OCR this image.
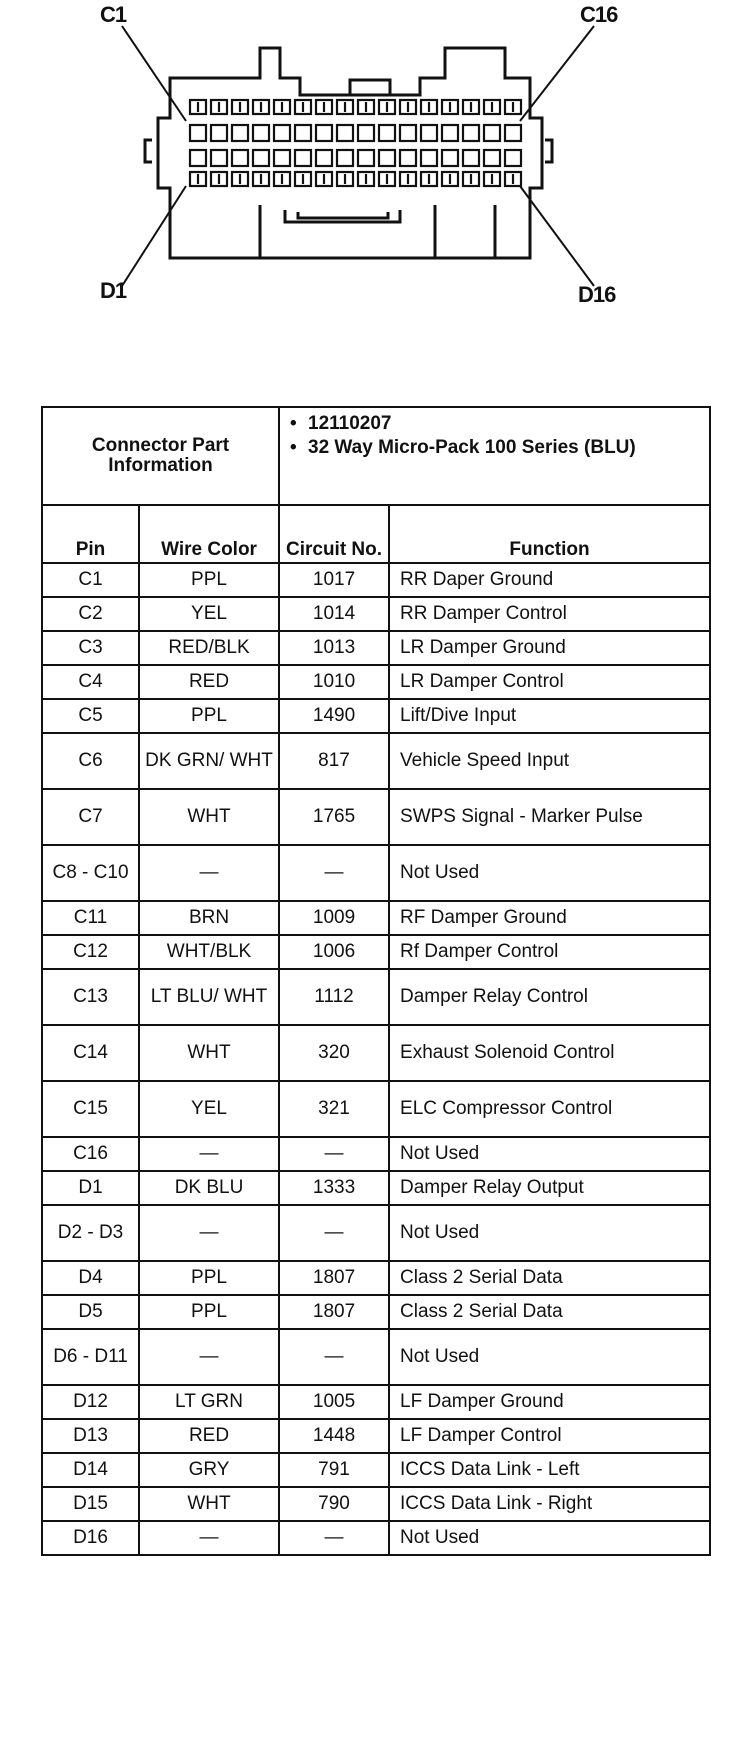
C1	C16
D1	D16
Connector Part Information		• 12110207
• 32 Way Micro-Pack 100 Series (BLU)

Pin	Wire Color	Circuit No.	Function
C1	PPL	1017	RR Daper Ground
C2	YEL	1014	RR Damper Control
C3	RED/BLK	1013	LR Damper Ground
C4	RED	1010	LR Damper Control
C5	PPL	1490	Lift/Dive Input
C6	DK GRN/ WHT	817	Vehicle Speed Input
C7	WHT	1765	SWPS Signal - Marker Pulse
C8 - C10	—	—	Not Used
C11	BRN	1009	RF Damper Ground
C12	WHT/BLK	1006	Rf Damper Control
C13	LT BLU/ WHT	1112	Damper Relay Control
C14	WHT	320	Exhaust Solenoid Control
C15	YEL	321	ELC Compressor Control
C16	—	—	Not Used
D1	DK BLU	1333	Damper Relay Output
D2 - D3	—	—	Not Used
D4	PPL	1807	Class 2 Serial Data
D5	PPL	1807	Class 2 Serial Data
D6 - D11	—	—	Not Used
D12	LT GRN	1005	LF Damper Ground
D13	RED	1448	LF Damper Control
D14	GRY	791	ICCS Data Link - Left
D15	WHT	790	ICCS Data Link - Right
D16	—	—	Not Used
